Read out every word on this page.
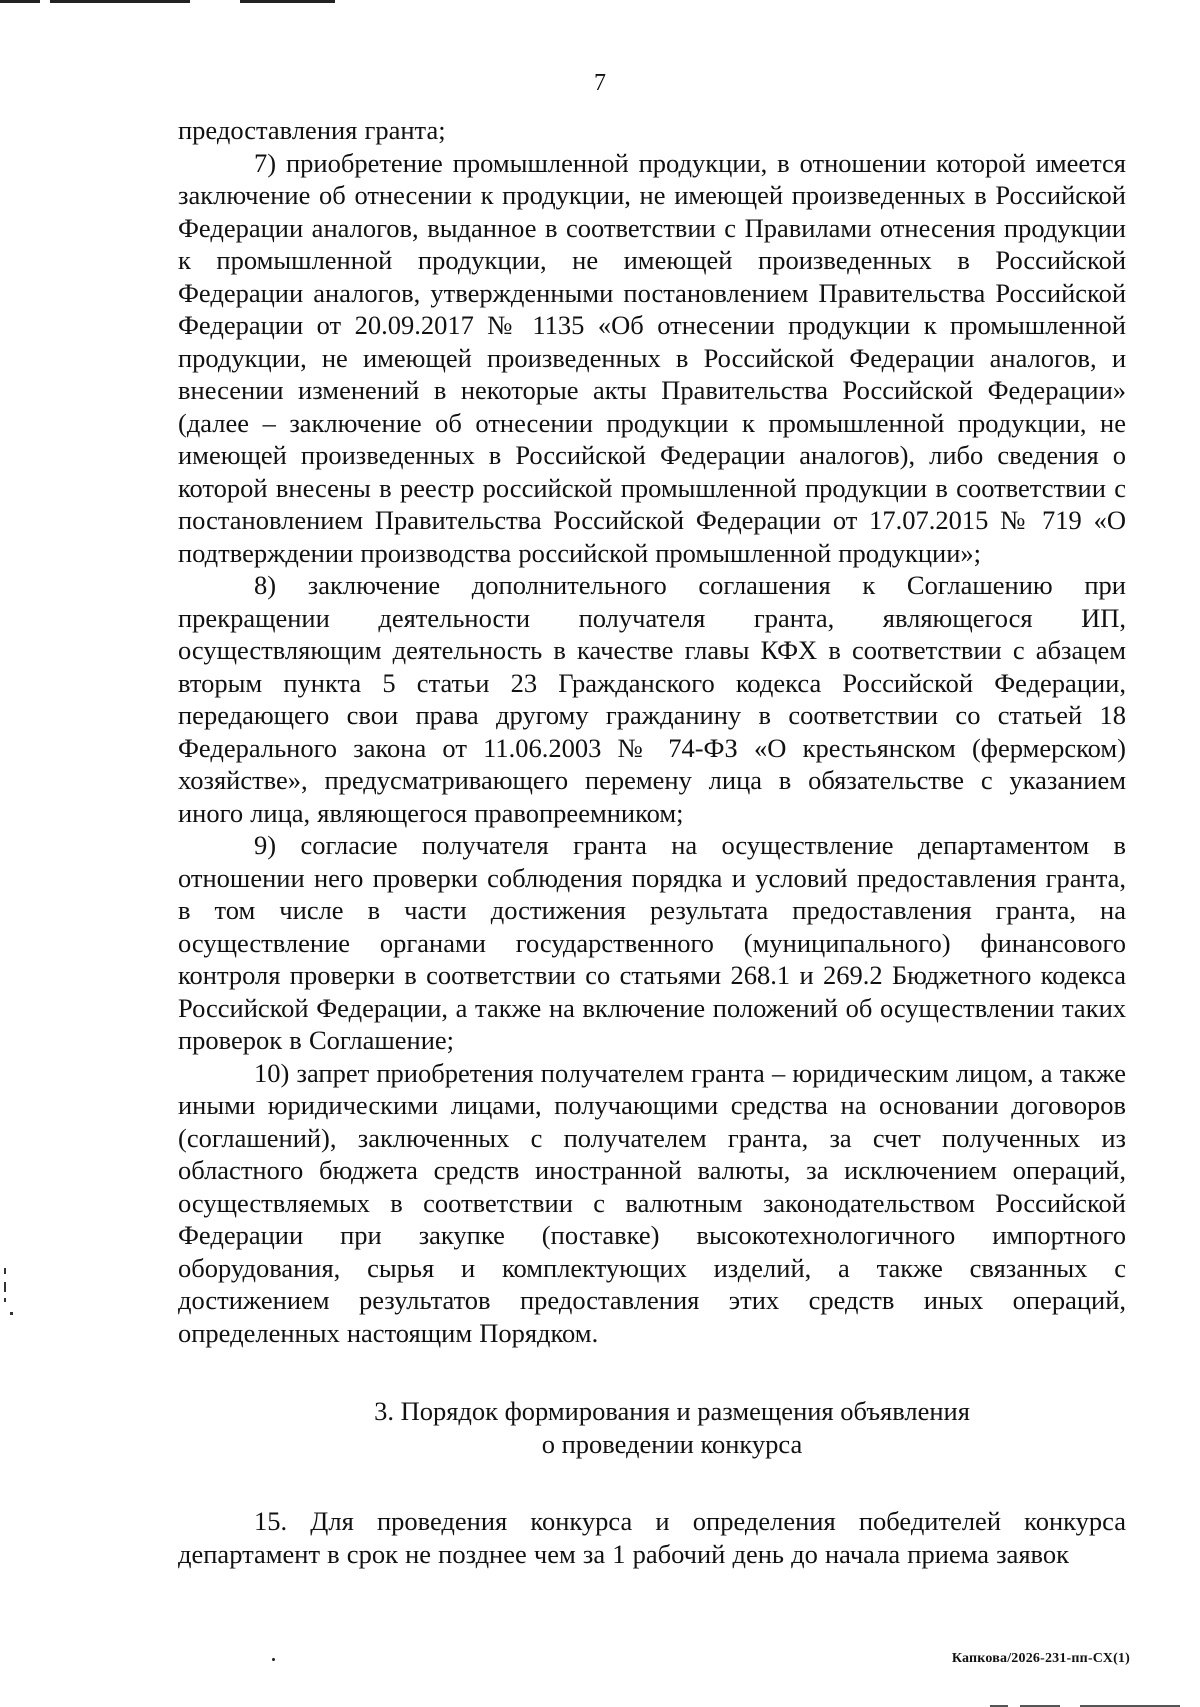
7

предоставления гранта;

7) приобретение промышленной продукции, в отношении которой имеется заключение об отнесении к продукции, не имеющей произведенных в Российской Федерации аналогов, выданное в соответствии с Правилами отнесения продукции к промышленной продукции, не имеющей произведенных в Российской Федерации аналогов, утвержденными постановлением Правительства Российской Федерации от 20.09.2017 № 1135 «Об отнесении продукции к промышленной продукции, не имеющей произведенных в Российской Федерации аналогов, и внесении изменений в некоторые акты Правительства Российской Федерации» (далее – заключение об отнесении продукции к промышленной продукции, не имеющей произведенных в Российской Федерации аналогов), либо сведения о которой внесены в реестр российской промышленной продукции в соответствии с постановлением Правительства Российской Федерации от 17.07.2015 № 719 «О подтверждении производства российской промышленной продукции»;

8) заключение дополнительного соглашения к Соглашению при прекращении деятельности получателя гранта, являющегося ИП, осуществляющим деятельность в качестве главы КФХ в соответствии с абзацем вторым пункта 5 статьи 23 Гражданского кодекса Российской Федерации, передающего свои права другому гражданину в соответствии со статьей 18 Федерального закона от 11.06.2003 № 74-ФЗ «О крестьянском (фермерском) хозяйстве», предусматривающего перемену лица в обязательстве с указанием иного лица, являющегося правопреемником;

9) согласие получателя гранта на осуществление департаментом в отношении него проверки соблюдения порядка и условий предоставления гранта, в том числе в части достижения результата предоставления гранта, на осуществление органами государственного (муниципального) финансового контроля проверки в соответствии со статьями 268.1 и 269.2 Бюджетного кодекса Российской Федерации, а также на включение положений об осуществлении таких проверок в Соглашение;

10) запрет приобретения получателем гранта – юридическим лицом, а также иными юридическими лицами, получающими средства на основании договоров (соглашений), заключенных с получателем гранта, за счет полученных из областного бюджета средств иностранной валюты, за исключением операций, осуществляемых в соответствии с валютным законодательством Российской Федерации при закупке (поставке) высокотехнологичного импортного оборудования, сырья и комплектующих изделий, а также связанных с достижением результатов предоставления этих средств иных операций, определенных настоящим Порядком.

3. Порядок формирования и размещения объявления
о проведении конкурса

15. Для проведения конкурса и определения победителей конкурса департамент в срок не позднее чем за 1 рабочий день до начала приема заявок

Капкова/2026-231-пп-СХ(1)
